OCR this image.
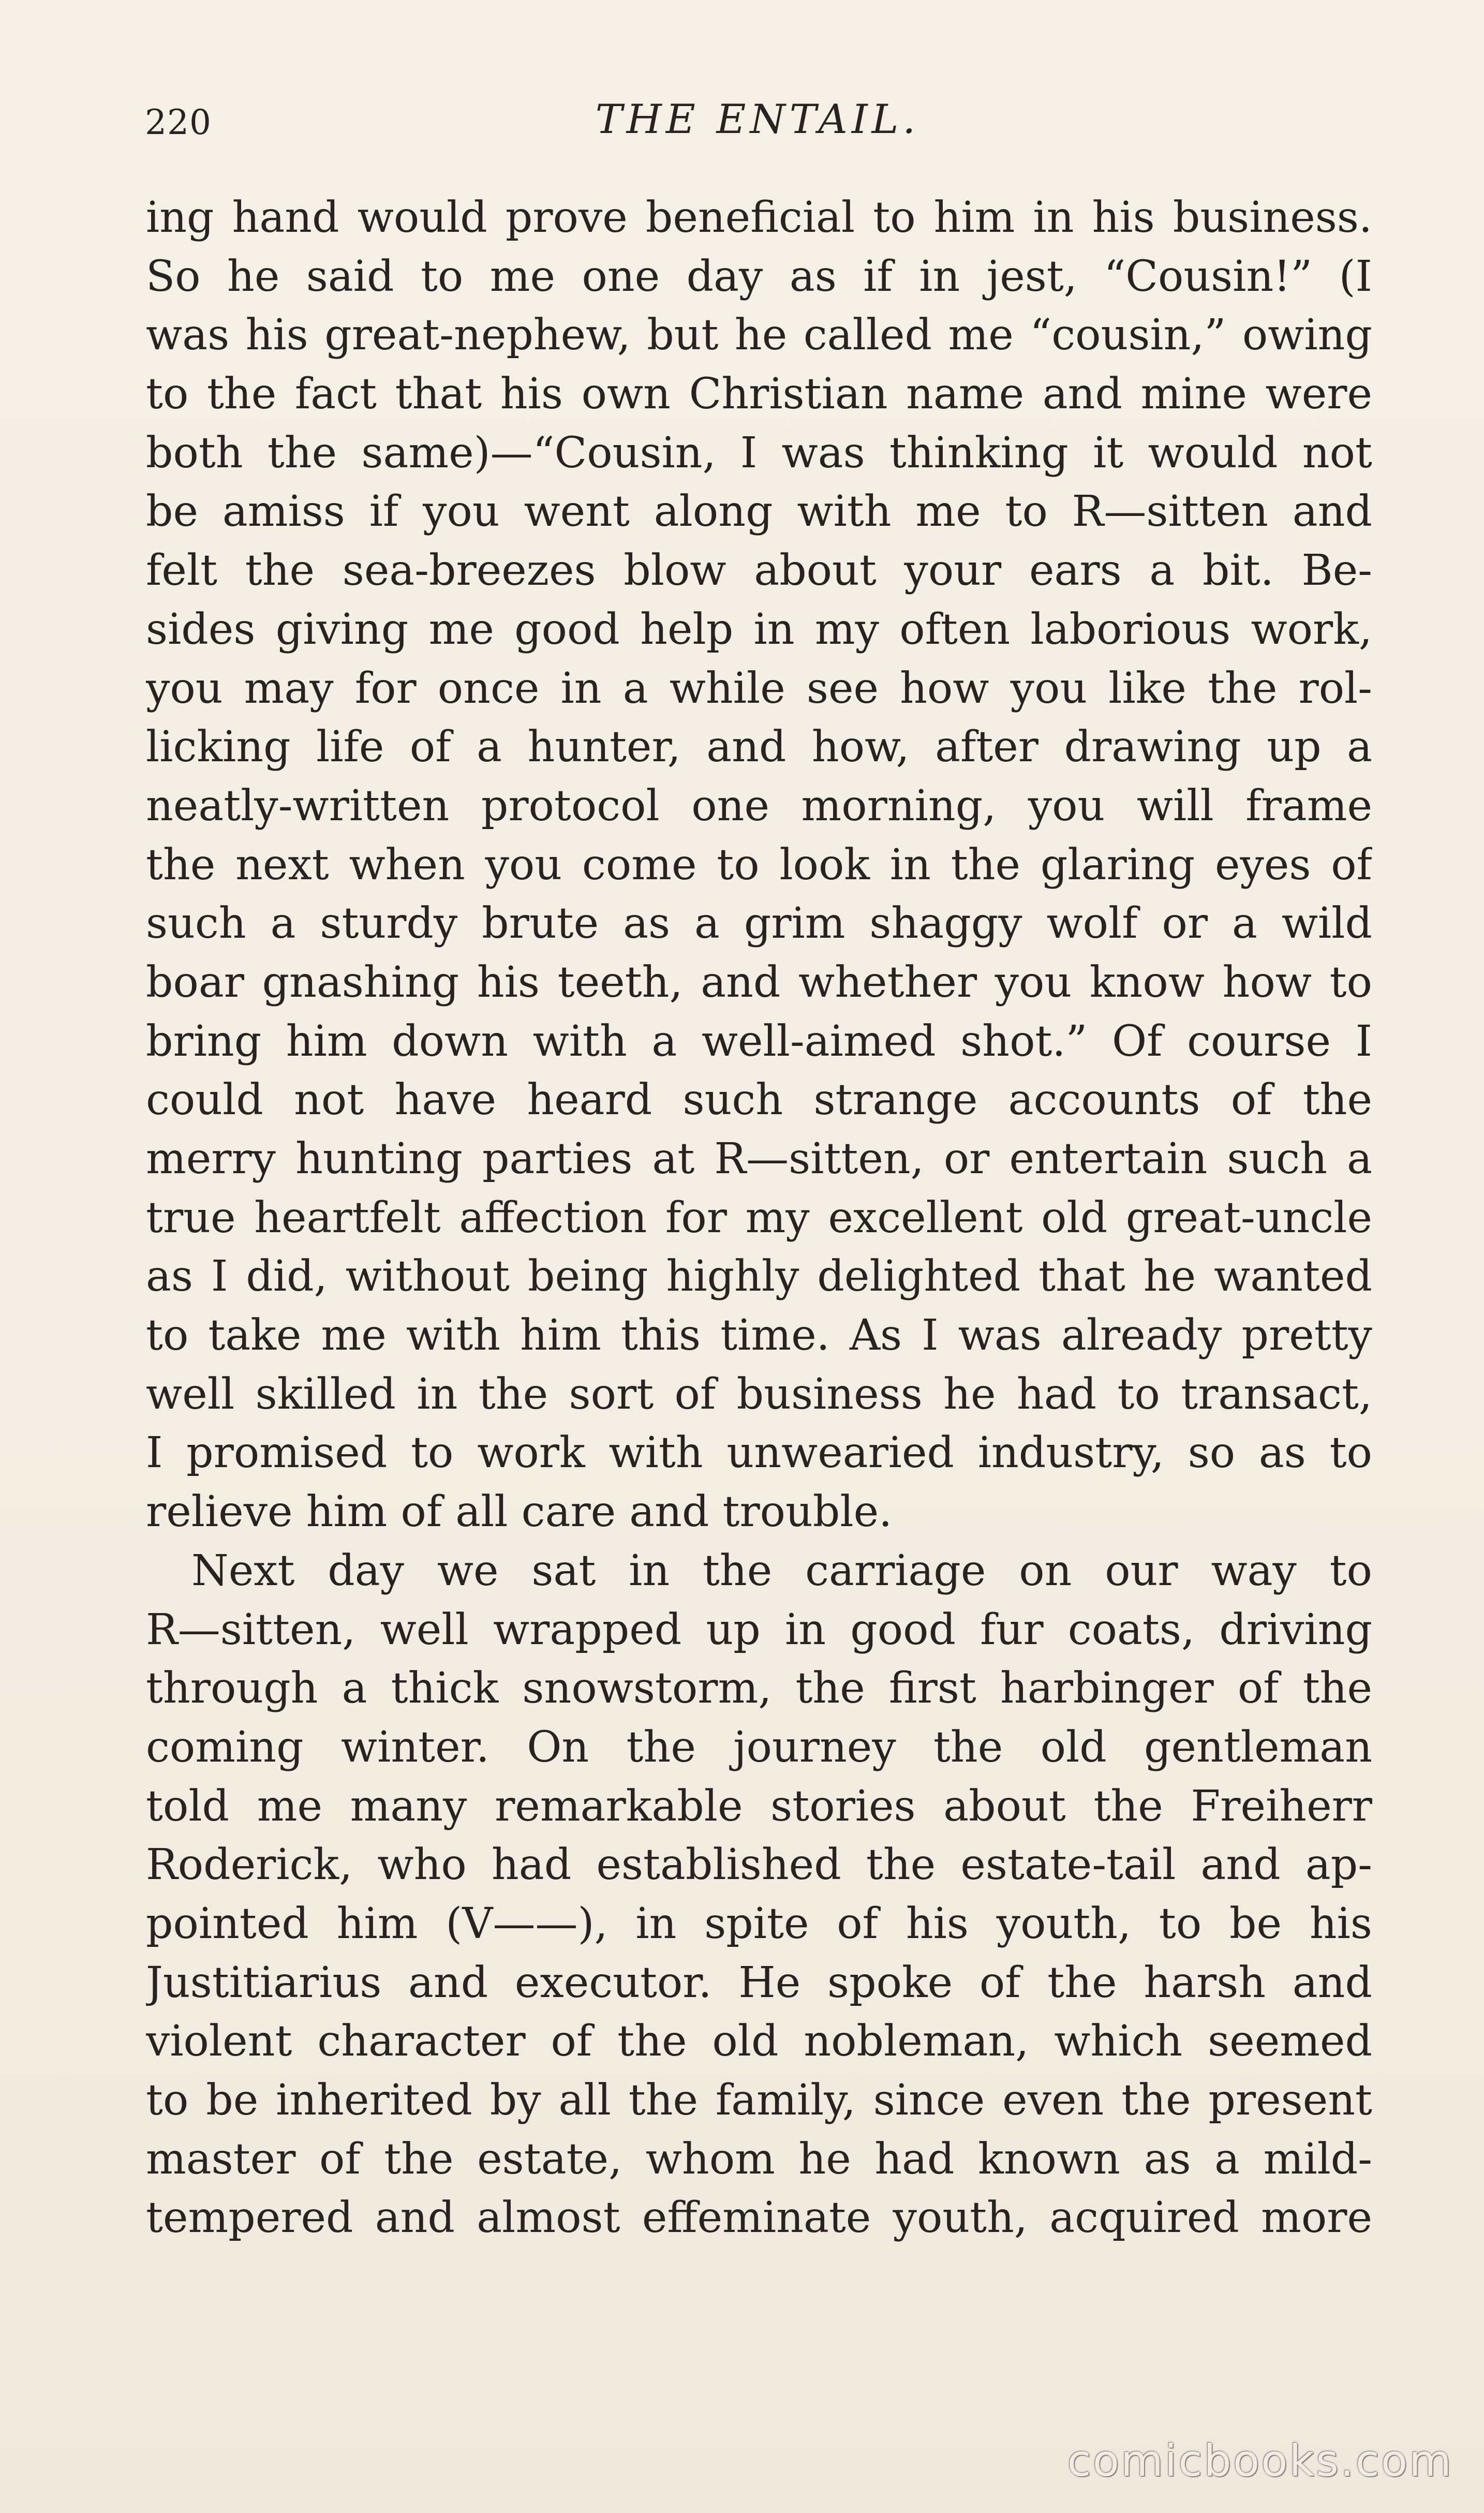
220	THE ENTAIL.
ing hand would prove beneficial to him in his business.
So he said to me one day as if in jest, “Cousin!” (I
was his great-nephew, but he called me “cousin,” owing
to the fact that his own Christian name and mine were
both the same)—“Cousin, I was thinking it would not
be amiss if you went along with me to R—sitten and
felt the sea-breezes blow about your ears a bit. Be-
sides giving me good help in my often laborious work,
you may for once in a while see how you like the rol-
licking life of a hunter, and how, after drawing up a
neatly-written protocol one morning, you will frame
the next when you come to look in the glaring eyes of
such a sturdy brute as a grim shaggy wolf or a wild
boar gnashing his teeth, and whether you know how to
bring him down with a well-aimed shot.” Of course I
could not have heard such strange accounts of the
merry hunting parties at R—sitten, or entertain such a
true heartfelt affection for my excellent old great-uncle
as I did, without being highly delighted that he wanted
to take me with him this time. As I was already pretty
well skilled in the sort of business he had to transact,
I promised to work with unwearied industry, so as to
relieve him of all care and trouble.
Next day we sat in the carriage on our way to
R—sitten, well wrapped up in good fur coats, driving
through a thick snowstorm, the first harbinger of the
coming winter. On the journey the old gentleman
told me many remarkable stories about the Freiherr
Roderick, who had established the estate-tail and ap-
pointed him (V——), in spite of his youth, to be his
Justitiarius and executor. He spoke of the harsh and
violent character of the old nobleman, which seemed
to be inherited by all the family, since even the present
master of the estate, whom he had known as a mild-
tempered and almost effeminate youth, acquired more
comicbooks.com
